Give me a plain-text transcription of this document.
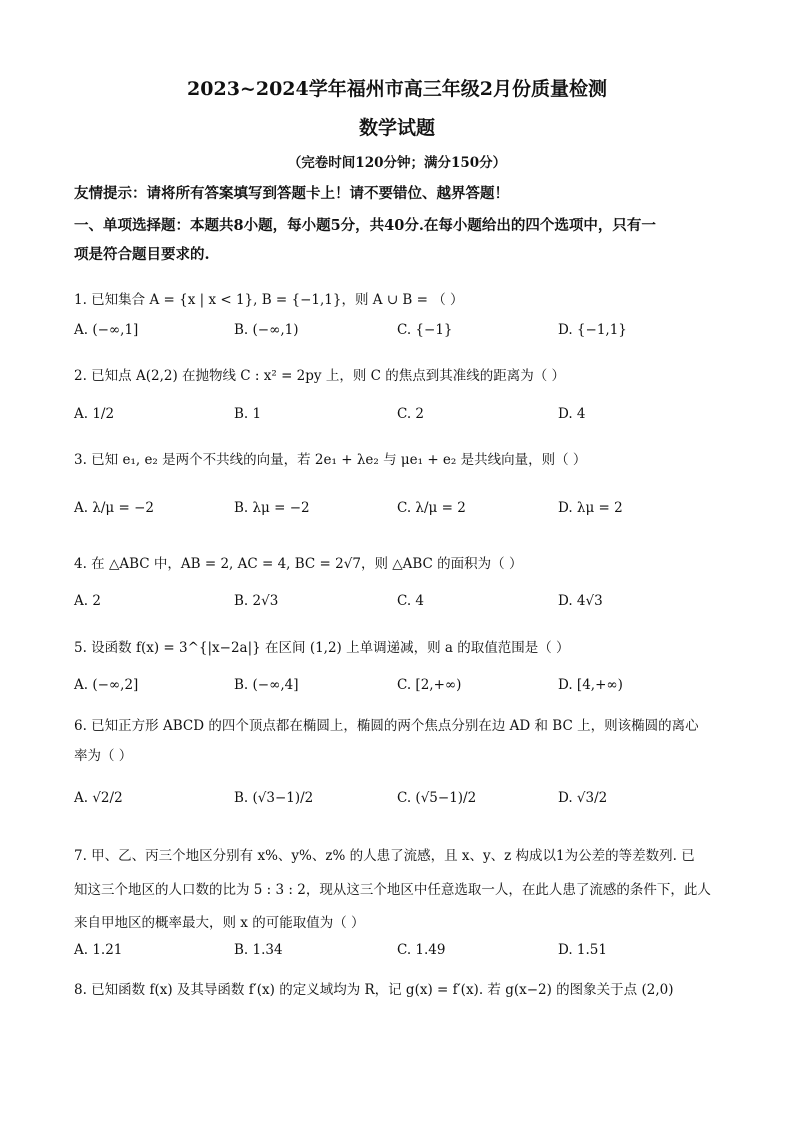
2023~2024学年福州市高三年级2月份质量检测
数学试题
（完卷时间120分钟；满分150分）
友情提示：请将所有答案填写到答题卡上！请不要错位、越界答题！
一、单项选择题：本题共8小题，每小题5分，共40分.在每小题给出的四个选项中，只有一
项是符合题目要求的.
1. 已知集合 A = {x | x < 1}, B = {−1,1}，则 A ∪ B = （ ）
A. (−∞,1]	B. (−∞,1)	C. {−1}	D. {−1,1}
2. 已知点 A(2,2) 在抛物线 C : x² = 2py 上，则 C 的焦点到其准线的距离为（ ）
A. 1/2	B. 1	C. 2	D. 4
3. 已知 e₁, e₂ 是两个不共线的向量，若 2e₁ + λe₂ 与 μe₁ + e₂ 是共线向量，则（ ）
A. λ/μ = −2	B. λμ = −2	C. λ/μ = 2	D. λμ = 2
4. 在 △ABC 中，AB = 2, AC = 4, BC = 2√7，则 △ABC 的面积为（ ）
A. 2	B. 2√3	C. 4	D. 4√3
5. 设函数 f(x) = 3^{|x−2a|} 在区间 (1,2) 上单调递减，则 a 的取值范围是（ ）
A. (−∞,2]	B. (−∞,4]	C. [2,+∞)	D. [4,+∞)
6. 已知正方形 ABCD 的四个顶点都在椭圆上，椭圆的两个焦点分别在边 AD 和 BC 上，则该椭圆的离心
率为（ ）
A. √2/2	B. (√3−1)/2	C. (√5−1)/2	D. √3/2
7. 甲、乙、丙三个地区分别有 x%、y%、z% 的人患了流感，且 x、y、z 构成以1为公差的等差数列. 已
知这三个地区的人口数的比为 5 : 3 : 2，现从这三个地区中任意选取一人，在此人患了流感的条件下，此人
来自甲地区的概率最大，则 x 的可能取值为（ ）
A. 1.21	B. 1.34	C. 1.49	D. 1.51
8. 已知函数 f(x) 及其导函数 f′(x) 的定义域均为 R，记 g(x) = f′(x). 若 g(x−2) 的图象关于点 (2,0)
